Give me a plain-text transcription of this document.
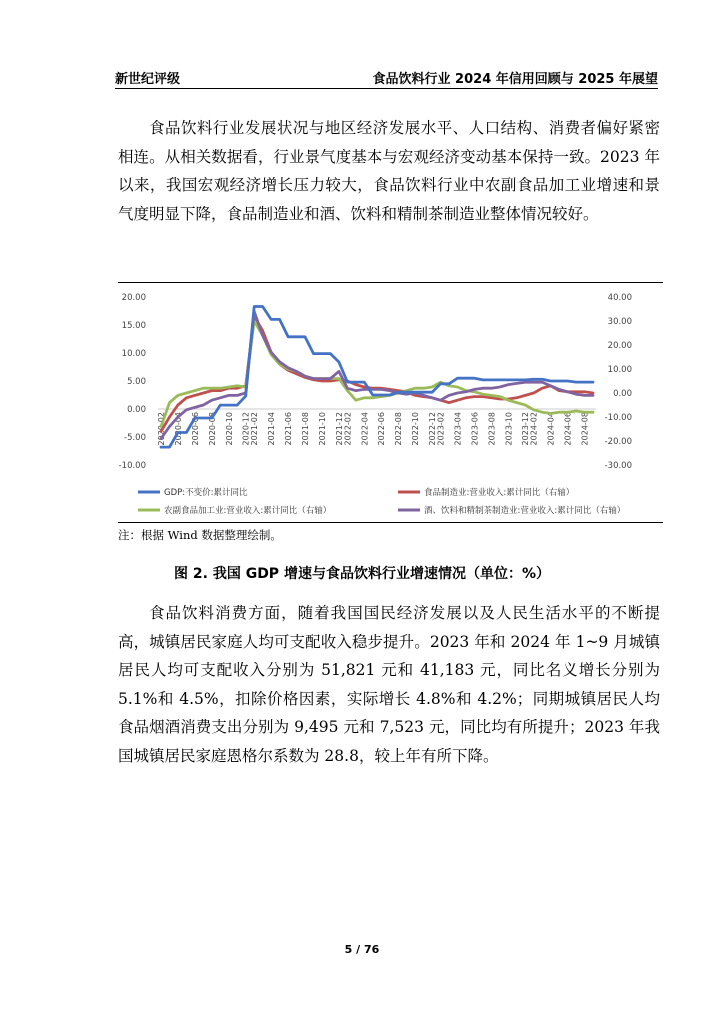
新世纪评级	食品饮料行业 2024 年信用回顾与 2025 年展望

食品饮料行业发展状况与地区经济发展水平、人口结构、消费者偏好紧密相连。从相关数据看，行业景气度基本与宏观经济变动基本保持一致。2023 年以来，我国宏观经济增长压力较大，食品饮料行业中农副食品加工业增速和景气度明显下降，食品制造业和酒、饮料和精制茶制造业整体情况较好。

20.00
15.00
10.00
5.00
0.00
-5.00
-10.00
40.00
30.00
20.00
10.00
0.00
-10.00
-20.00
-30.00
2020-02 2020-04 2020-06 2020-08 2020-10 2020-12 2021-02 2021-04 2021-06 2021-08 2021-10 2021-12 2022-02 2022-04 2022-06 2022-08 2022-10 2022-12 2023-02 2023-04 2023-06 2023-08 2023-10 2023-12 2024-02 2024-04 2024-06 2024-08
GDP:不变价:累计同比	食品制造业:营业收入:累计同比（右轴）
农副食品加工业:营业收入:累计同比（右轴）	酒、饮料和精制茶制造业:营业收入:累计同比（右轴）
注：根据 Wind 数据整理绘制。
图 2. 我国 GDP 增速与食品饮料行业增速情况（单位：%）

食品饮料消费方面，随着我国国民经济发展以及人民生活水平的不断提高，城镇居民家庭人均可支配收入稳步提升。2023 年和 2024 年 1~9 月城镇居民人均可支配收入分别为 51,821 元和 41,183 元，同比名义增长分别为 5.1%和 4.5%，扣除价格因素，实际增长 4.8%和 4.2%；同期城镇居民人均食品烟酒消费支出分别为 9,495 元和 7,523 元，同比均有所提升；2023 年我国城镇居民家庭恩格尔系数为 28.8，较上年有所下降。

5 / 76
